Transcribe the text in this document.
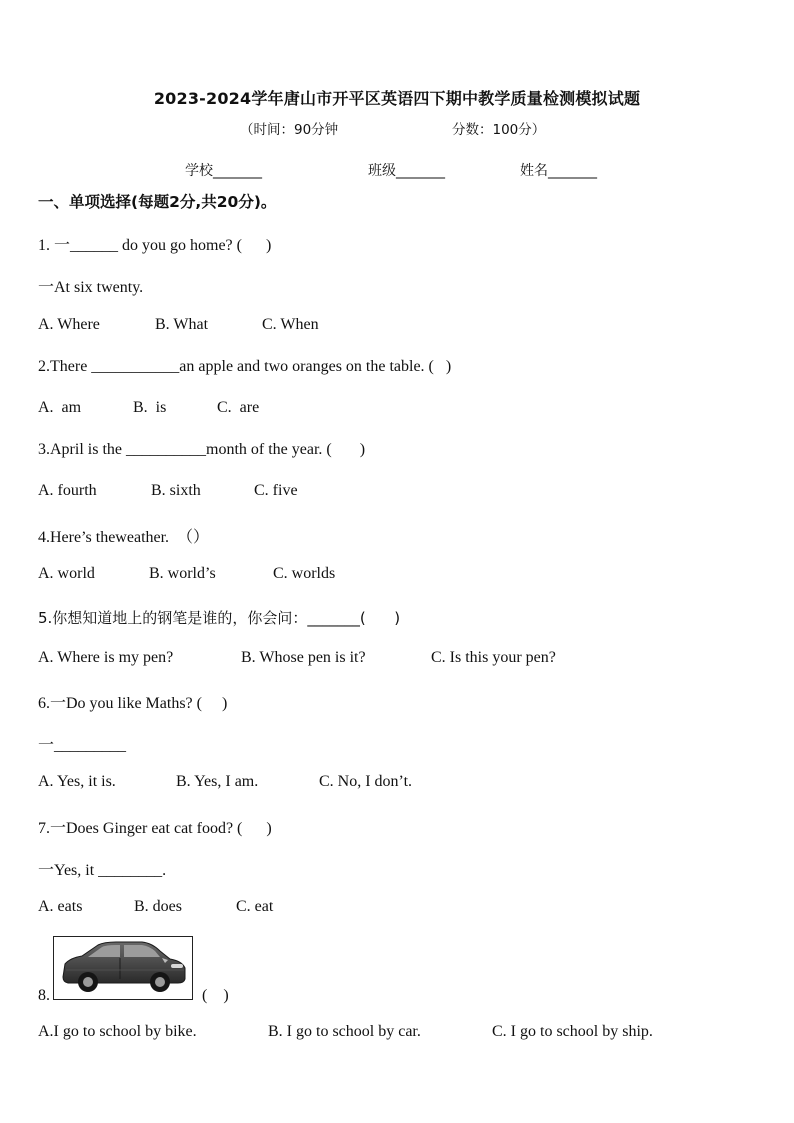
2023-2024学年唐山市开平区英语四下期中教学质量检测模拟试题
（时间：90分钟	分数：100分）
学校_______	班级_______	姓名_______
一、单项选择(每题2分,共20分)。
1. 一______ do you go home? (      )
一At six twenty.
A. Where	B. What	C. When
2.There ___________an apple and two oranges on the table. (   )
A.  am	B.  is	C.  are
3.April is the __________month of the year. (       )
A. fourth	B. sixth	C. five
4.Here’s theweather.  （）
A. world	B. world’s	C. worlds
5.你想知道地上的钢笔是谁的，你会问：_______(      )
A. Where is my pen?	B. Whose pen is it?	C. Is this your pen?
6.一Do you like Maths? (     )
一_________
A. Yes, it is.	B. Yes, I am.	C. No, I don’t.
7.一Does Ginger eat cat food? (      )
一Yes, it ________.
A. eats	B. does	C. eat
8.	(    )
A.I go to school by bike.	B. I go to school by car.	C. I go to school by ship.
